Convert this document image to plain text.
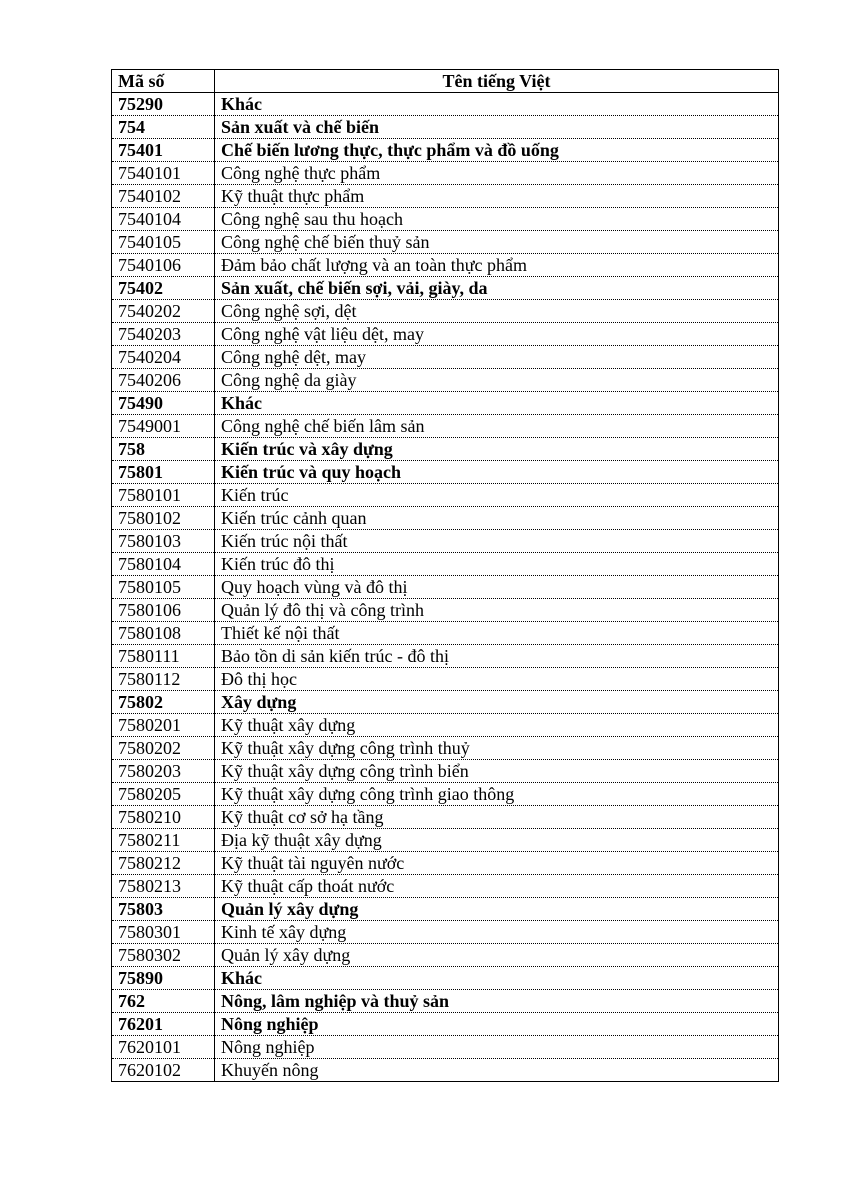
Mã số	Tên tiếng Việt
75290	Khác
754	Sản xuất và chế biến
75401	Chế biến lương thực, thực phẩm và đồ uống
7540101	Công nghệ thực phẩm
7540102	Kỹ thuật thực phẩm
7540104	Công nghệ sau thu hoạch
7540105	Công nghệ chế biến thuỷ sản
7540106	Đảm bảo chất lượng và an toàn thực phẩm
75402	Sản xuất, chế biến sợi, vải, giày, da
7540202	Công nghệ sợi, dệt
7540203	Công nghệ vật liệu dệt, may
7540204	Công nghệ dệt, may
7540206	Công nghệ da giày
75490	Khác
7549001	Công nghệ chế biến lâm sản
758	Kiến trúc và xây dựng
75801	Kiến trúc và quy hoạch
7580101	Kiến trúc
7580102	Kiến trúc cảnh quan
7580103	Kiến trúc nội thất
7580104	Kiến trúc đô thị
7580105	Quy hoạch vùng và đô thị
7580106	Quản lý đô thị và công trình
7580108	Thiết kế nội thất
7580111	Bảo tồn di sản kiến trúc - đô thị
7580112	Đô thị học
75802	Xây dựng
7580201	Kỹ thuật xây dựng
7580202	Kỹ thuật xây dựng công trình thuỷ
7580203	Kỹ thuật xây dựng công trình biển
7580205	Kỹ thuật xây dựng công trình giao thông
7580210	Kỹ thuật cơ sở hạ tầng
7580211	Địa kỹ thuật xây dựng
7580212	Kỹ thuật tài nguyên nước
7580213	Kỹ thuật cấp thoát nước
75803	Quản lý xây dựng
7580301	Kinh tế xây dựng
7580302	Quản lý xây dựng
75890	Khác
762	Nông, lâm nghiệp và thuỷ sản
76201	Nông nghiệp
7620101	Nông nghiệp
7620102	Khuyến nông
